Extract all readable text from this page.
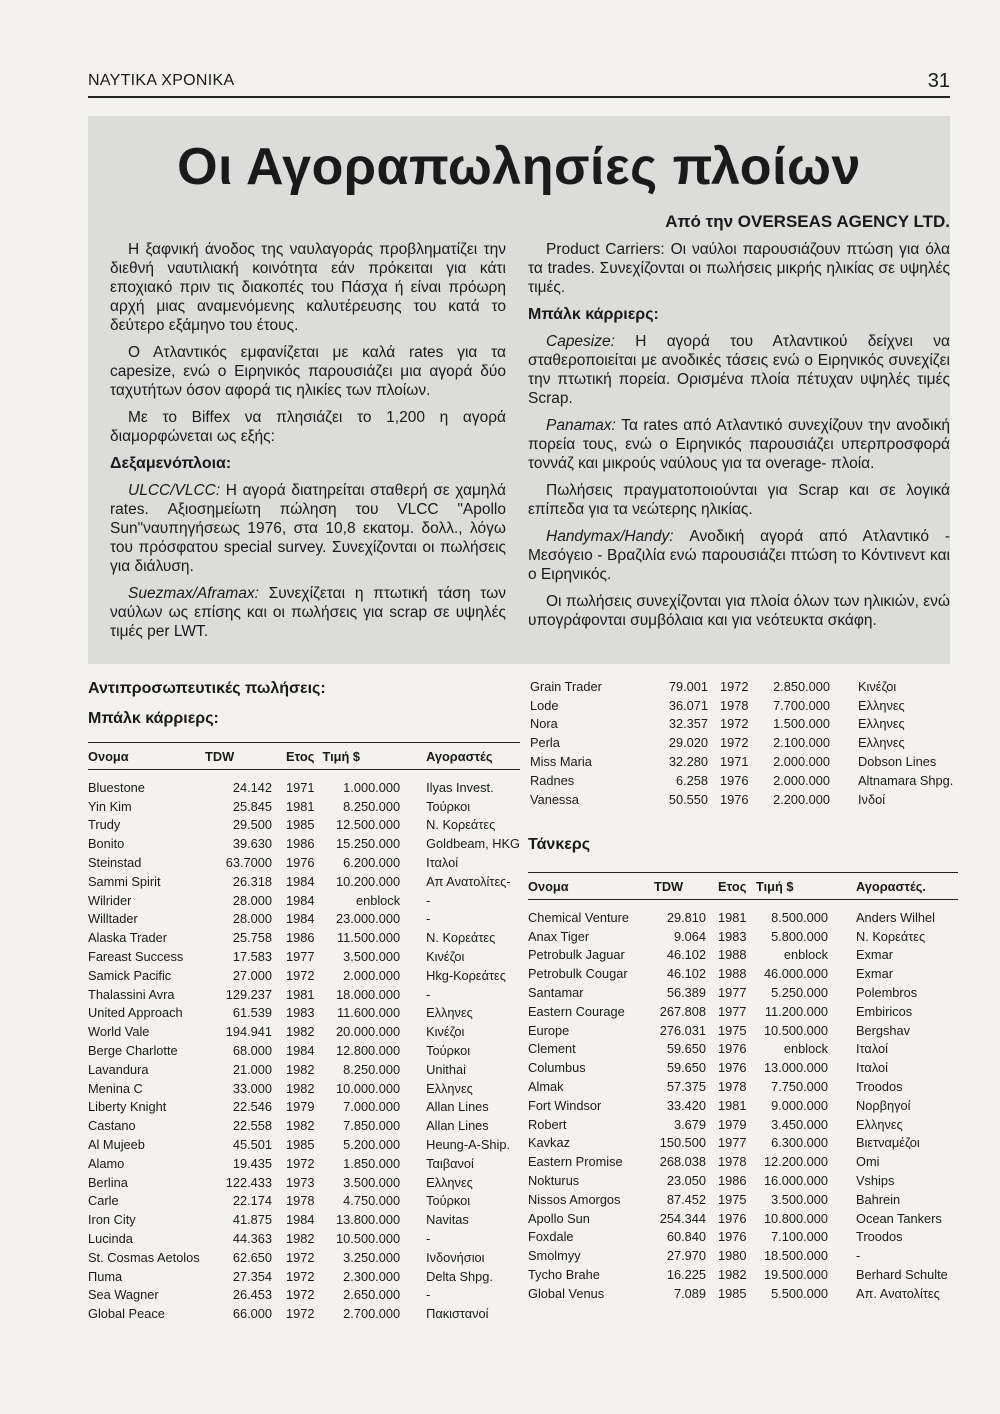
ΝΑΥΤΙΚΑ ΧΡΟΝΙΚΑ	31
Οι Αγοραπωλησίες πλοίων
Από την OVERSEAS AGENCY LTD.

Η ξαφνική άνοδος της ναυλαγοράς προβληματίζει την διεθνή ναυτιλιακή κοινότητα εάν πρόκειται για κάτι εποχιακό πριν τις διακοπές του Πάσχα ή είναι πρόωρη αρχή μιας αναμενόμενης καλυτέρευσης του κατά το δεύτερο εξάμηνο του έτους.

Ο Ατλαντικός εμφανίζεται με καλά rates για τα capesize, ενώ ο Ειρηνικός παρουσιάζει μια αγορά δύο ταχυτήτων όσον αφορά τις ηλικίες των πλοίων.

Με το Biffex να πλησιάζει το 1,200 η αγορά διαμορφώνεται ως εξής:

Δεξαμενόπλοια:

ULCC/VLCC: Η αγορά διατηρείται σταθερή σε χαμηλά rates. Αξιοσημείωτη πώληση του VLCC "Apollo Sun"ναυπηγήσεως 1976, στα 10,8 εκατομ. δολλ., λόγω του πρόσφατου special survey. Συνεχίζονται οι πωλήσεις για διάλυση.

Suezmax/Aframax: Συνεχίζεται η πτωτική τάση των ναύλων ως επίσης και οι πωλήσεις για scrap σε υψηλές τιμές per LWT.

Product Carriers: Οι ναύλοι παρουσιάζουν πτώση για όλα τα trades. Συνεχίζονται οι πωλήσεις μικρής ηλικίας σε υψηλές τιμές.

Μπάλκ κάρριερς:

Capesize: Η αγορά του Ατλαντικού δείχνει να σταθεροποιείται με ανοδικές τάσεις ενώ ο Ειρηνικός συνεχίζει την πτωτική πορεία. Ορισμένα πλοία πέτυχαν υψηλές τιμές Scrap.

Panamax: Τα rates από Ατλαντικό συνεχίζουν την ανοδική πορεία τους, ενώ ο Ειρηνικός παρουσιάζει υπερπροσφορά τοννάζ και μικρούς ναύλους για τα overage- πλοία.

Πωλήσεις πραγματοποιούνται για Scrap και σε λογικά επίπεδα για τα νεώτερης ηλικίας.

Handymax/Handy: Ανοδική αγορά από Ατλαντικό - Μεσόγειο - Βραζιλία ενώ παρουσιάζει πτώση το Κόντινεντ και ο Ειρηνικός.

Οι πωλήσεις συνεχίζονται για πλοία όλων των ηλικιών, ενώ υπογράφονται συμβόλαια και για νεότευκτα σκάφη.

Αντιπροσωπευτικές πωλήσεις:
Μπάλκ κάρριερς:
Ονομα	TDW	Ετος	Τιμή $	Αγοραστές
Bluestone	24.142	1971	1.000.000	Ilyas Invest.
Yin Kim	25.845	1981	8.250.000	Τούρκοι
Trudy	29.500	1985	12.500.000	Ν. Κορεάτες
Bonito	39.630	1986	15.250.000	Goldbeam, HKG
Steinstad	63.7000	1976	6.200.000	Ιταλοί
Sammi Spirit	26.318	1984	10.200.000	Απ Ανατολίτες-
Wilrider	28.000	1984	enblock	-
Willtader	28.000	1984	23.000.000	-
Alaska Trader	25.758	1986	11.500.000	Ν. Κορεάτες
Fareast Success	17.583	1977	3.500.000	Κινέζοι
Samick Pacific	27.000	1972	2.000.000	Hkg-Κορεάτες
Thalassini Avra	129.237	1981	18.000.000	-
United Approach	61.539	1983	11.600.000	Ελληνες
World Vale	194.941	1982	20.000.000	Κινέζοι
Berge Charlotte	68.000	1984	12.800.000	Τούρκοι
Lavandura	21.000	1982	8.250.000	Unithai
Menina C	33.000	1982	10.000.000	Ελληνες
Liberty Knight	22.546	1979	7.000.000	Allan Lines
Castano	22.558	1982	7.850.000	Allan Lines
Al Mujeeb	45.501	1985	5.200.000	Heung-A-Ship.
Alamo	19.435	1972	1.850.000	Ταιβανοί
Berlina	122.433	1973	3.500.000	Ελληνες
Carle	22.174	1978	4.750.000	Τούρκοι
Iron City	41.875	1984	13.800.000	Navitas
Lucinda	44.363	1982	10.500.000	-
St. Cosmas Aetolos	62.650	1972	3.250.000	Ινδονήσιοι
Πuma	27.354	1972	2.300.000	Delta Shpg.
Sea Wagner	26.453	1972	2.650.000	-
Global Peace	66.000	1972	2.700.000	Πακιστανοί
Grain Trader	79.001	1972	2.850.000	Κινέζοι
Lode	36.071	1978	7.700.000	Ελληνες
Nora	32.357	1972	1.500.000	Ελληνες
Perla	29.020	1972	2.100.000	Ελληνες
Miss Maria	32.280	1971	2.000.000	Dobson Lines
Radnes	6.258	1976	2.000.000	Altnamara Shpg.
Vanessa	50.550	1976	2.200.000	Ινδοί
Τάνκερς
Ονομα	TDW	Ετος	Τιμή $	Αγοραστές.
Chemical Venture	29.810	1981	8.500.000	Anders Wilhel
Anax Tiger	9.064	1983	5.800.000	Ν. Κορεάτες
Petrobulk Jaguar	46.102	1988	enblock	Exmar
Petrobulk Cougar	46.102	1988	46.000.000	Exmar
Santamar	56.389	1977	5.250.000	Polembros
Eastern Courage	267.808	1977	11.200.000	Embiricos
Europe	276.031	1975	10.500.000	Bergshav
Clement	59.650	1976	enblock	Ιταλοί
Columbus	59.650	1976	13.000.000	Ιταλοί
Almak	57.375	1978	7.750.000	Troodos
Fort Windsor	33.420	1981	9.000.000	Νορβηγοί
Robert	3.679	1979	3.450.000	Ελληνες
Kavkaz	150.500	1977	6.300.000	Βιετναμέζοι
Eastern Promise	268.038	1978	12.200.000	Omi
Nokturus	23.050	1986	16.000.000	Vships
Nissos Amorgos	87.452	1975	3.500.000	Bahrein
Apollo Sun	254.344	1976	10.800.000	Ocean Tankers
Foxdale	60.840	1976	7.100.000	Troodos
Smolmyy	27.970	1980	18.500.000	-
Tycho Brahe	16.225	1982	19.500.000	Berhard Schulte
Global Venus	7.089	1985	5.500.000	Απ. Ανατολίτες
